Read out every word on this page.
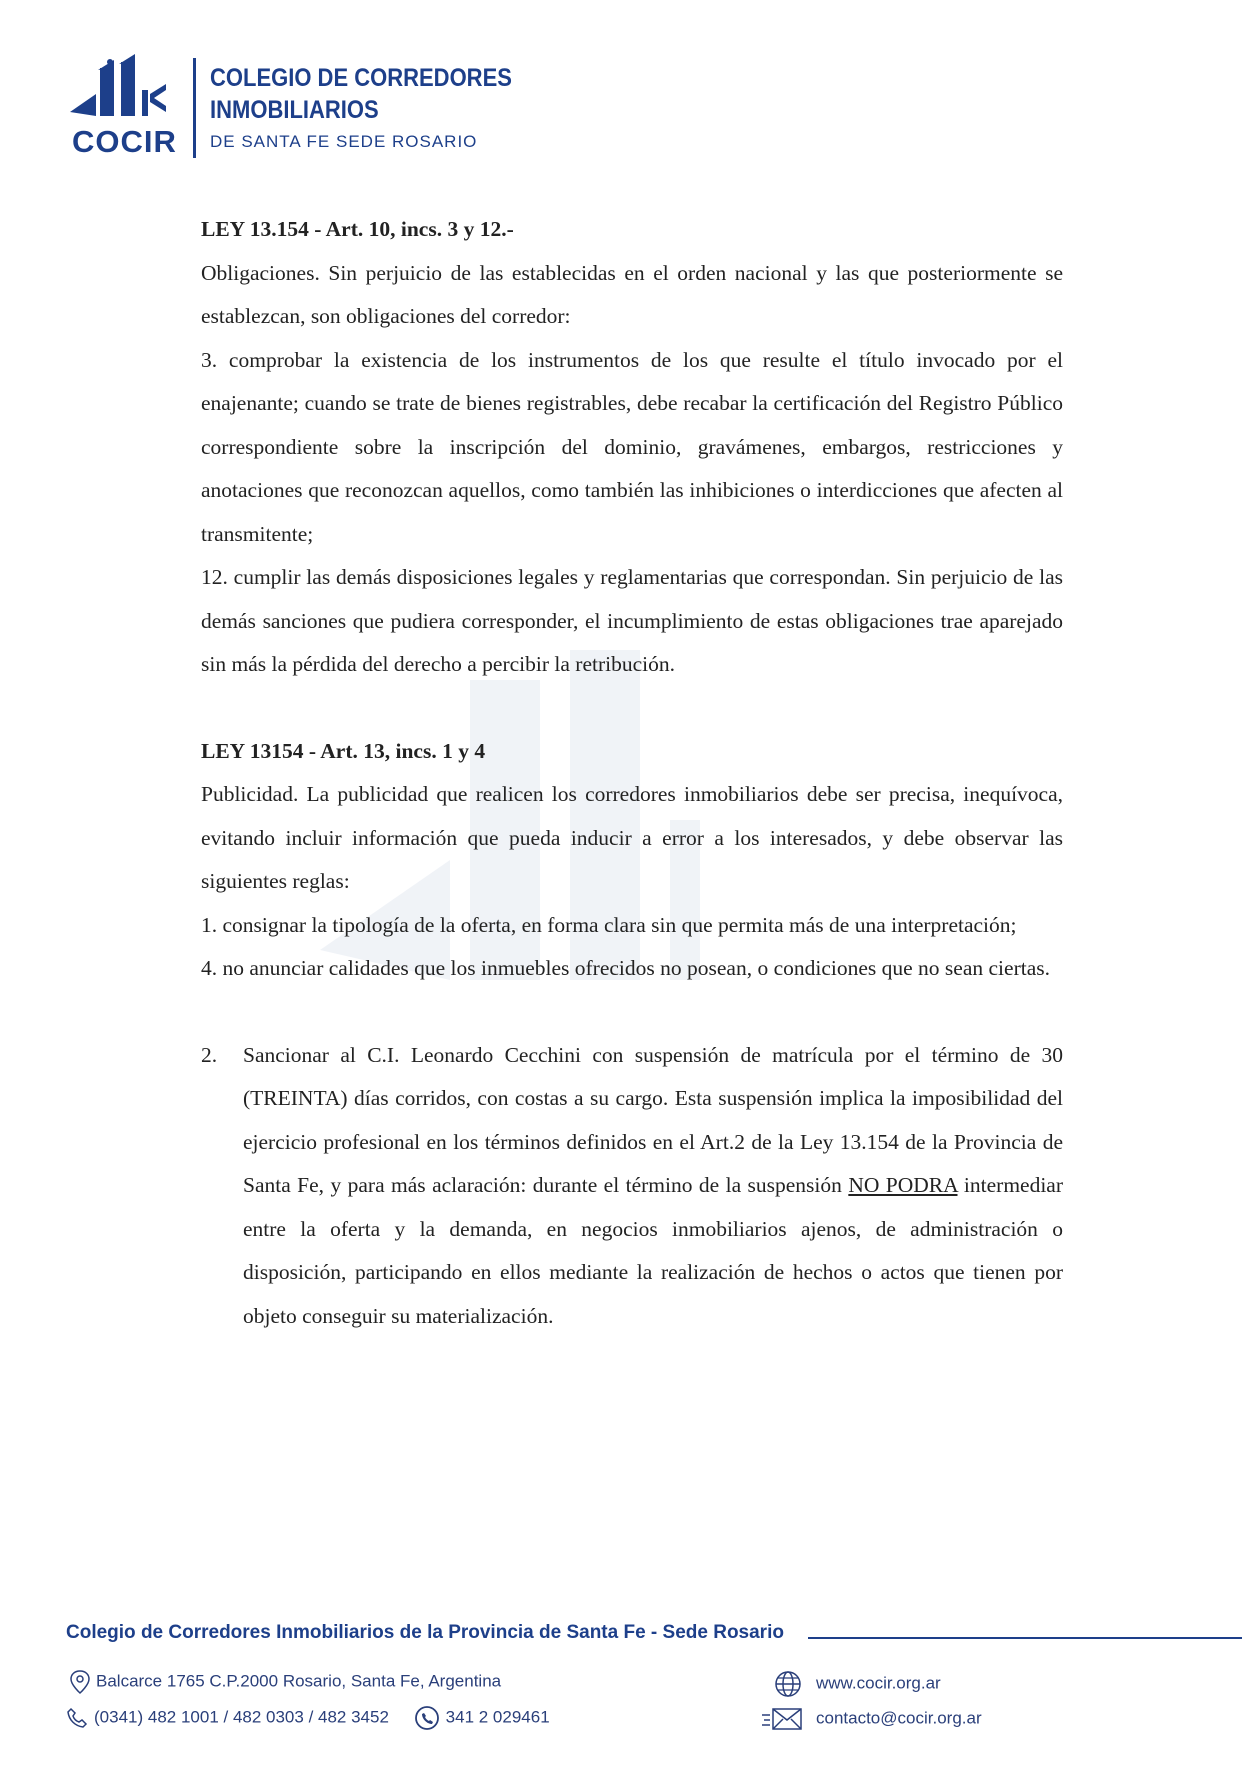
COCIR
COLEGIO DE CORREDORES
INMOBILIARIOS
DE SANTA FE SEDE ROSARIO

LEY 13.154 - Art. 10, incs. 3 y 12.-

Obligaciones. Sin perjuicio de las establecidas en el orden nacional y las que posteriormente se establezcan, son obligaciones del corredor:

3. comprobar la existencia de los instrumentos de los que resulte el título invocado por el enajenante; cuando se trate de bienes registrables, debe recabar la certificación del Registro Público correspondiente sobre la inscripción del dominio, gravámenes, embargos, restricciones y anotaciones que reconozcan aquellos, como también las inhibiciones o interdicciones que afecten al transmitente;

12. cumplir las demás disposiciones legales y reglamentarias que correspondan. Sin perjuicio de las demás sanciones que pudiera corresponder, el incumplimiento de estas obligaciones trae aparejado sin más la pérdida del derecho a percibir la retribución.

LEY 13154 - Art. 13, incs. 1 y 4

Publicidad. La publicidad que realicen los corredores inmobiliarios debe ser precisa, inequívoca, evitando incluir información que pueda inducir a error a los interesados, y debe observar las siguientes reglas:

1. consignar la tipología de la oferta, en forma clara sin que permita más de una interpretación;

4. no anunciar calidades que los inmuebles ofrecidos no posean, o condiciones que no sean ciertas.

2. Sancionar al C.I. Leonardo Cecchini con suspensión de matrícula por el término de 30 (TREINTA) días corridos, con costas a su cargo. Esta suspensión implica la imposibilidad del ejercicio profesional en los términos definidos en el Art.2 de la Ley 13.154 de la Provincia de Santa Fe, y para más aclaración: durante el término de la suspensión NO PODRA intermediar entre la oferta y la demanda, en negocios inmobiliarios ajenos, de administración o disposición, participando en ellos mediante la realización de hechos o actos que tienen por objeto conseguir su materialización.
Colegio de Corredores Inmobiliarios de la Provincia de Santa Fe - Sede Rosario
Balcarce 1765 C.P.2000 Rosario, Santa Fe, Argentina
(0341) 482 1001 / 482 0303 / 482 3452	341 2 029461
www.cocir.org.ar
contacto@cocir.org.ar
